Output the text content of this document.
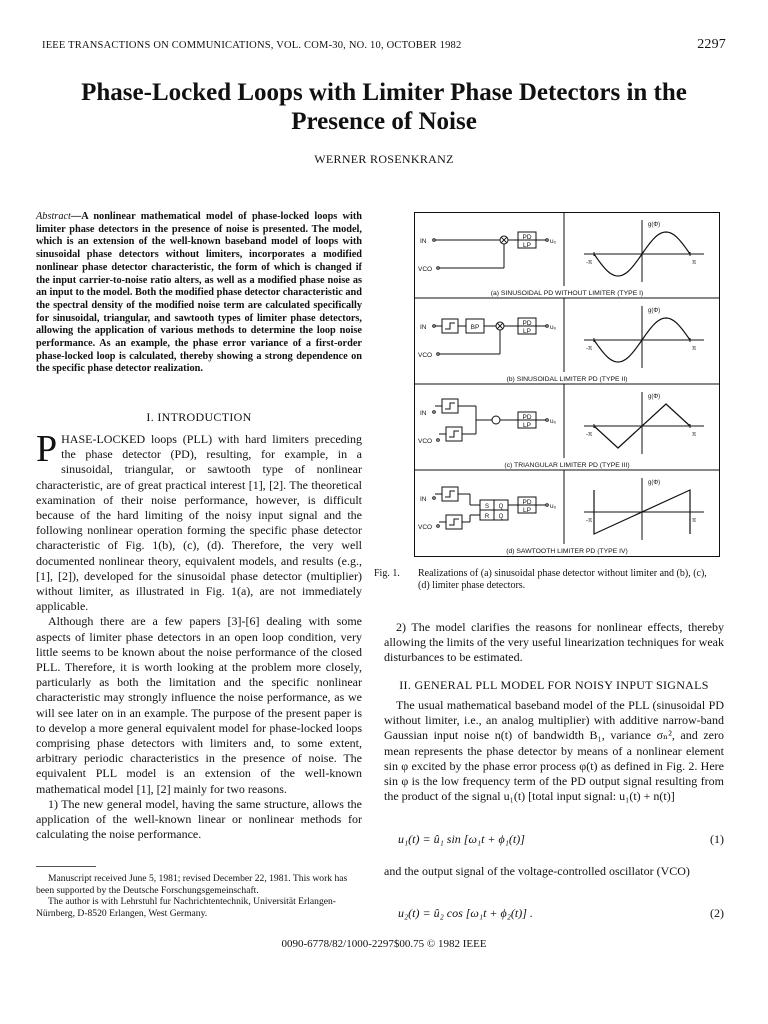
IEEE TRANSACTIONS ON COMMUNICATIONS, VOL. COM-30, NO. 10, OCTOBER 1982	2297
Phase-Locked Loops with Limiter Phase Detectors in the
Presence of Noise
WERNER ROSENKRANZ
Abstract—A nonlinear mathematical model of phase-locked loops with limiter phase detectors in the presence of noise is presented. The model, which is an extension of the well-known baseband model of loops with sinusoidal phase detectors without limiters, incorporates a modified nonlinear phase detector characteristic, the form of which is changed if the input carrier-to-noise ratio alters, as well as a modified phase noise as an input to the model. Both the modified phase detector characteristic and the spectral density of the modified noise term are calculated specifically for sinusoidal, triangular, and sawtooth types of limiter phase detectors, allowing the application of various methods to determine the loop noise performance. As an example, the phase error variance of a first-order phase-locked loop is calculated, thereby showing a strong dependence on the specific phase detector realization.
I. INTRODUCTION

PHASE-LOCKED loops (PLL) with hard limiters preceding the phase detector (PD), resulting, for example, in a sinusoidal, triangular, or sawtooth type of nonlinear characteristic, are of great practical interest [1], [2]. The theoretical examination of their noise performance, however, is difficult because of the hard limiting of the noisy input signal and the following nonlinear operation forming the specific phase detector characteristic of Fig. 1(b), (c), (d). Therefore, the very well documented nonlinear theory, equivalent models, and results (e.g., [1], [2]), developed for the sinusoidal phase detector (multiplier) without limiter, as illustrated in Fig. 1(a), are not immediately applicable.

Although there are a few papers [3]-[6] dealing with some aspects of limiter phase detectors in an open loop condition, very little seems to be known about the noise performance of the closed PLL. Therefore, it is worth looking at the problem more closely, particularly as both the limitation and the specific nonlinear characteristic may strongly influence the noise performance, as we will see later on in an example. The purpose of the present paper is to develop a more general equivalent model for phase-locked loops comprising phase detectors with limiters and, to some extent, arbitrary periodic characteristics in the presence of noise. The equivalent PLL model is an extension of the well-known mathematical model [1], [2] mainly for two reasons.

1) The new general model, having the same structure, allows the application of the well-known linear or nonlinear methods for calculating the noise performance.

Manuscript received June 5, 1981; revised December 22, 1981. This work has been supported by the Deutsche Forschungsgemeinschaft.

The author is with Lehrstuhl fur Nachrichtentechnik, Universität Erlangen-Nürnberg, D-8520 Erlangen, West Germany.

(a) SINUSOIDAL PD WITHOUT LIMITER (TYPE I)
IN
VCO
PD
LP
u₀
g(Φ)
-π	π
(b) SINUSOIDAL LIMITER PD (TYPE II)
IN
VCO
BP
PD
LP
u₀
g(Φ)
-π	π
(c) TRIANGULAR LIMITER PD (TYPE III)
IN
VCO
PD
LP
u₀
g(Φ)
-π	π
(d) SAWTOOTH LIMITER PD (TYPE IV)
IN
VCO
S
R
Q
Q
PD
LP
u₀
g(Φ)
-π	π
Fig. 1. Realizations of (a) sinusoidal phase detector without limiter and (b), (c), (d) limiter phase detectors.

2) The model clarifies the reasons for nonlinear effects, thereby allowing the limits of the very useful linearization techniques for weak disturbances to be estimated.

II. GENERAL PLL MODEL FOR NOISY INPUT SIGNALS

The usual mathematical baseband model of the PLL (sinusoidal PD without limiter, i.e., an analog multiplier) with additive narrow-band Gaussian input noise n(t) of bandwidth B₁, variance σₙ², and zero mean represents the phase detector by means of a nonlinear element sin φ excited by the phase error process φ(t) as defined in Fig. 2. Here sin φ is the low frequency term of the PD output signal resulting from the product of the signal u₁(t) [total input signal: u₁(t) + n(t)]

u₁(t) = û₁ sin [ω₁t + ϕ₁(t)]	(1)

and the output signal of the voltage-controlled oscillator (VCO)

u₂(t) = û₂ cos [ω₁t + ϕ₂(t)] .	(2)
0090-6778/82/1000-2297$00.75 © 1982 IEEE
